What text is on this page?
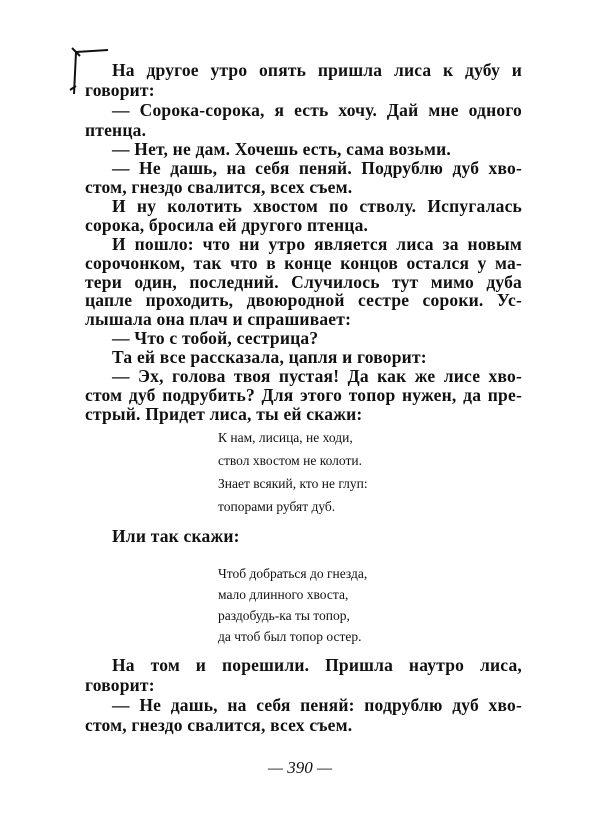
На другое утро опять пришла лиса к дубу и
говорит:
— Сорока-сорока, я есть хочу. Дай мне одного
птенца.
— Нет, не дам. Хочешь есть, сама возьми.
— Не дашь, на себя пеняй. Подрублю дуб хво-
стом, гнездо свалится, всех съем.
И ну колотить хвостом по стволу. Испугалась
сорока, бросила ей другого птенца.
И пошло: что ни утро является лиса за новым
сорочонком, так что в конце концов остался у ма-
тери один, последний. Случилось тут мимо дуба
цапле проходить, двоюродной сестре сороки. Ус-
лышала она плач и спрашивает:
— Что с тобой, сестрица?
Та ей все рассказала, цапля и говорит:
— Эх, голова твоя пустая! Да как же лисе хво-
стом дуб подрубить? Для этого топор нужен, да пре-
стрый. Придет лиса, ты ей скажи:
К нам, лисица, не ходи,
ствол хвостом не колоти.
Знает всякий, кто не глуп:
топорами рубят дуб.
Или так скажи:
Чтоб добраться до гнезда,
мало длинного хвоста,
раздобудь-ка ты топор,
да чтоб был топор остер.
На том и порешили. Пришла наутро лиса,
говорит:
— Не дашь, на себя пеняй: подрублю дуб хво-
стом, гнездо свалится, всех съем.
— 390 —
